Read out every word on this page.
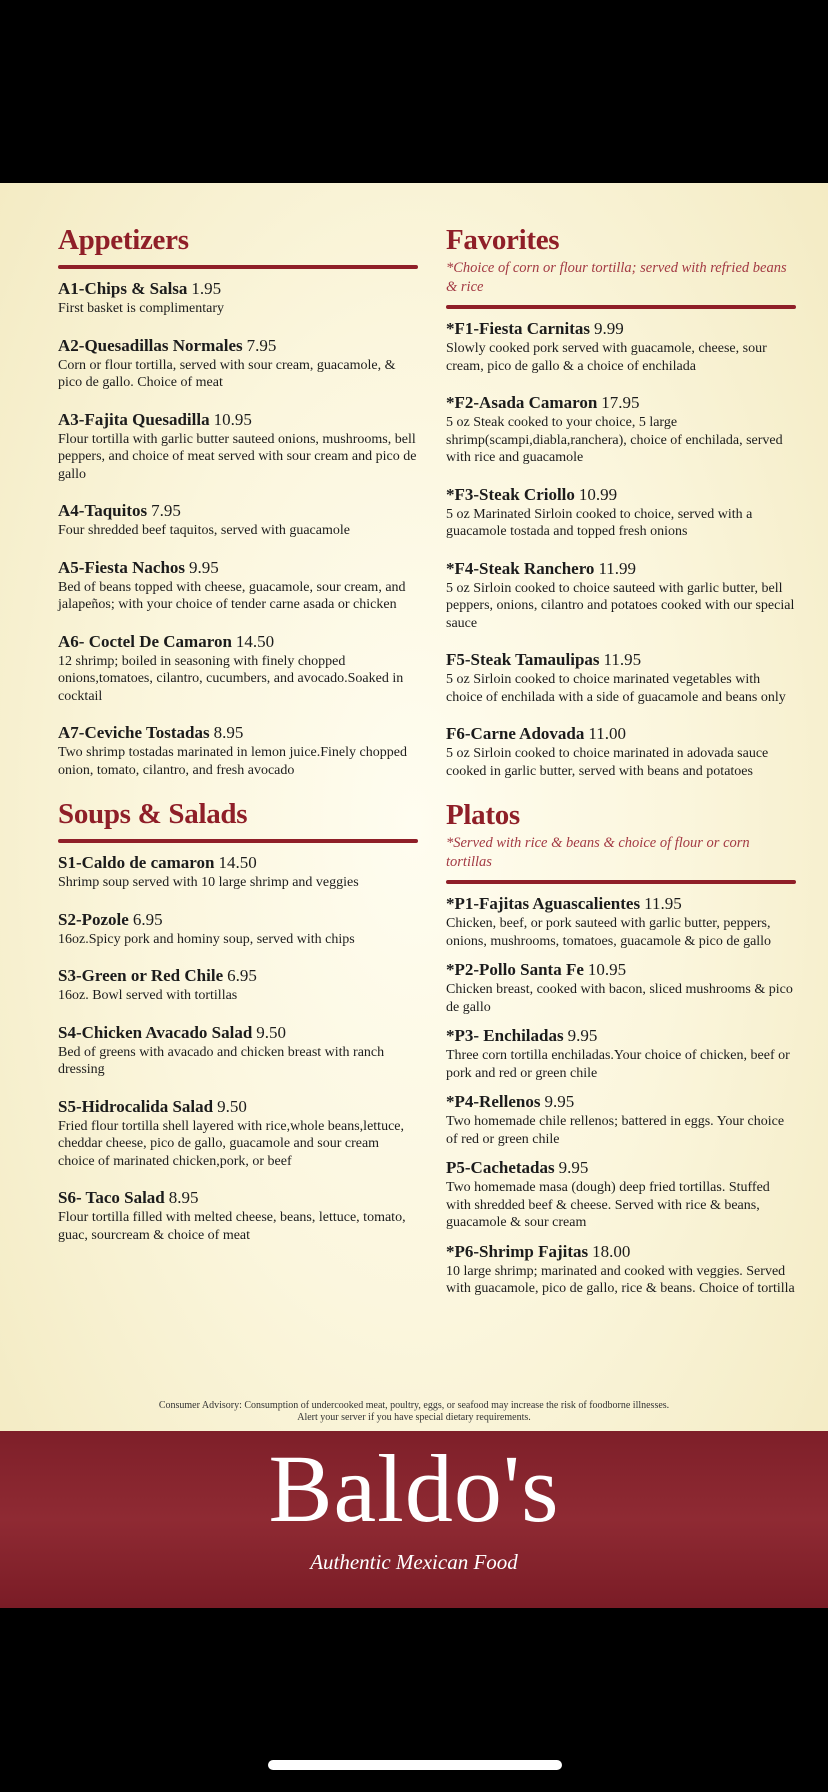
Appetizers
A1-Chips & Salsa 1.95
First basket is complimentary
A2-Quesadillas Normales 7.95
Corn or flour tortilla, served with sour cream, guacamole, & pico de gallo. Choice of meat
A3-Fajita Quesadilla 10.95
Flour tortilla with garlic butter sauteed onions, mushrooms, bell peppers, and choice of meat served with sour cream and pico de gallo
A4-Taquitos 7.95
Four shredded beef taquitos, served with guacamole
A5-Fiesta Nachos 9.95
Bed of beans topped with cheese, guacamole, sour cream, and jalapeños; with your choice of tender carne asada or chicken
A6- Coctel De Camaron 14.50
12 shrimp; boiled in seasoning with finely chopped onions,tomatoes, cilantro, cucumbers, and avocado.Soaked in cocktail
A7-Ceviche Tostadas 8.95
Two shrimp tostadas marinated in lemon juice.Finely chopped onion, tomato, cilantro, and fresh avocado
Soups & Salads
S1-Caldo de camaron 14.50
Shrimp soup served with 10 large shrimp and veggies
S2-Pozole 6.95
16oz.Spicy pork and hominy soup, served with chips
S3-Green or Red Chile 6.95
16oz. Bowl served with tortillas
S4-Chicken Avacado Salad 9.50
Bed of greens with avacado and chicken breast with ranch dressing
S5-Hidrocalida Salad 9.50
Fried flour tortilla shell layered with rice,whole beans,lettuce, cheddar cheese, pico de gallo, guacamole and sour cream choice of marinated chicken,pork, or beef
S6- Taco Salad 8.95
Flour tortilla filled with melted cheese, beans, lettuce, tomato, guac, sourcream & choice of meat
Favorites

*Choice of corn or flour tortilla; served with refried beans & rice

*F1-Fiesta Carnitas 9.99
Slowly cooked pork served with guacamole, cheese, sour cream, pico de gallo & a choice of enchilada
*F2-Asada Camaron 17.95
5 oz Steak cooked to your choice, 5 large shrimp(scampi,diabla,ranchera), choice of enchilada, served with rice and guacamole
*F3-Steak Criollo 10.99
5 oz Marinated Sirloin cooked to choice, served with a guacamole tostada and topped fresh onions
*F4-Steak Ranchero 11.99
5 oz Sirloin cooked to choice sauteed with garlic butter, bell peppers, onions, cilantro and potatoes cooked with our special sauce
F5-Steak Tamaulipas 11.95
5 oz Sirloin cooked to choice marinated vegetables with choice of enchilada with a side of guacamole and beans only
F6-Carne Adovada 11.00
5 oz Sirloin cooked to choice marinated in adovada sauce cooked in garlic butter, served with beans and potatoes
Platos

*Served with rice & beans & choice of flour or corn tortillas

*P1-Fajitas Aguascalientes 11.95
Chicken, beef, or pork sauteed with garlic butter, peppers, onions, mushrooms, tomatoes, guacamole & pico de gallo
*P2-Pollo Santa Fe 10.95
Chicken breast, cooked with bacon, sliced mushrooms & pico de gallo
*P3- Enchiladas 9.95
Three corn tortilla enchiladas.Your choice of chicken, beef or pork and red or green chile
*P4-Rellenos 9.95
Two homemade chile rellenos; battered in eggs. Your choice of red or green chile
P5-Cachetadas 9.95
Two homemade masa (dough) deep fried tortillas. Stuffed with shredded beef & cheese. Served with rice & beans, guacamole & sour cream
*P6-Shrimp Fajitas 18.00
10 large shrimp; marinated and cooked with veggies. Served with guacamole, pico de gallo, rice & beans. Choice of tortilla
Consumer Advisory: Consumption of undercooked meat, poultry, eggs, or seafood may increase the risk of foodborne illnesses.
Alert your server if you have special dietary requirements.
Baldo's
Authentic Mexican Food
